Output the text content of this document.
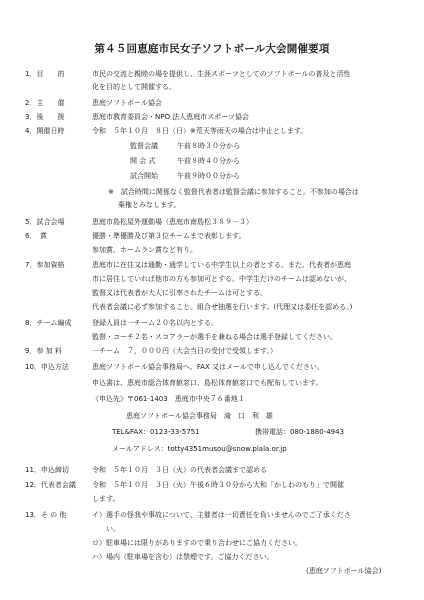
第４５回恵庭市民女子ソフトボール大会開催要項
1．目　　的	市民の交流と親睦の場を提供し、生涯スポーツとしてのソフトボールの普及と活性
化を目的として開催する。
2．主　　催	恵庭ソフトボール協会
3．後　　援	恵庭市教育委員会・NPO 法人恵庭市スポーツ協会
4．開催日時	令和　５年１０月　８日（日）※荒天等雨天の場合は中止とします。
監督会議	午前８時３０分から
開 会 式	午前８時４０分から
試合開始	午前９時００分から
※　試合時間に関係なく監督代表者は監督会議に参加すること。不参加の場合は
棄権とみなします。
5．試合会場	恵庭市島松屋外運動場（恵庭市南島松３８９－３）
6．　賞	優勝・準優勝及び第３位チームまで表彰します。
参加賞、ホームラン賞など有り。
7．参加資格	恵庭市に在住又は通勤・通学している中学生以上の者とする。また、代表者が恵庭
市に居住していれば他市の方も参加可とする。中学生だけのチームは認めないが、
監督又は代表者が大人に引率されたチームは可とする。
代表者会議に必ず参加すること。組合せ抽選を行います。(代理又は委任を認める。)
8．チーム編成	登録人員は一チーム２０名以内とする。
監督・コーチ２名・スコアラーが選手を兼ねる場合は選手登録してください。
9．参 加 料	一チーム　７，０００円（大会当日の受付で受領します。）
10．申込方法	恵庭ソフトボール協会事務局へ、FAX 又はメールで申し込んでください。
申込書は、恵庭市総合体育館窓口、島松体育館窓口でも配布しています。
《申込先》〒061-1403　恵庭市中央７６番地１
恵庭ソフトボール協会事務局　滝　口　利　雄
TEL&FAX：0123-33-5751	携帯電話：080-1880-4943
メールアドレス：totty4351musou@snow.plala.or.jp
11．申込締切	令和　５年１０月　３日（火）の代表者会議まで認める
12．代表者会議 令和　５年１０月　３日（火）午後６時３０分から大和「かしわのもり」で開催
します。
13．そ の 他	イ）選手の怪我や事故について、主催者は一切責任を負いませんのでご了承くださ
い。
ロ）駐車場には限りがありますので乗り合わせにご協力ください。
ハ）場内（駐車場を含む）は禁煙です。ご協力ください。
(恵庭ソフトボール協会)
